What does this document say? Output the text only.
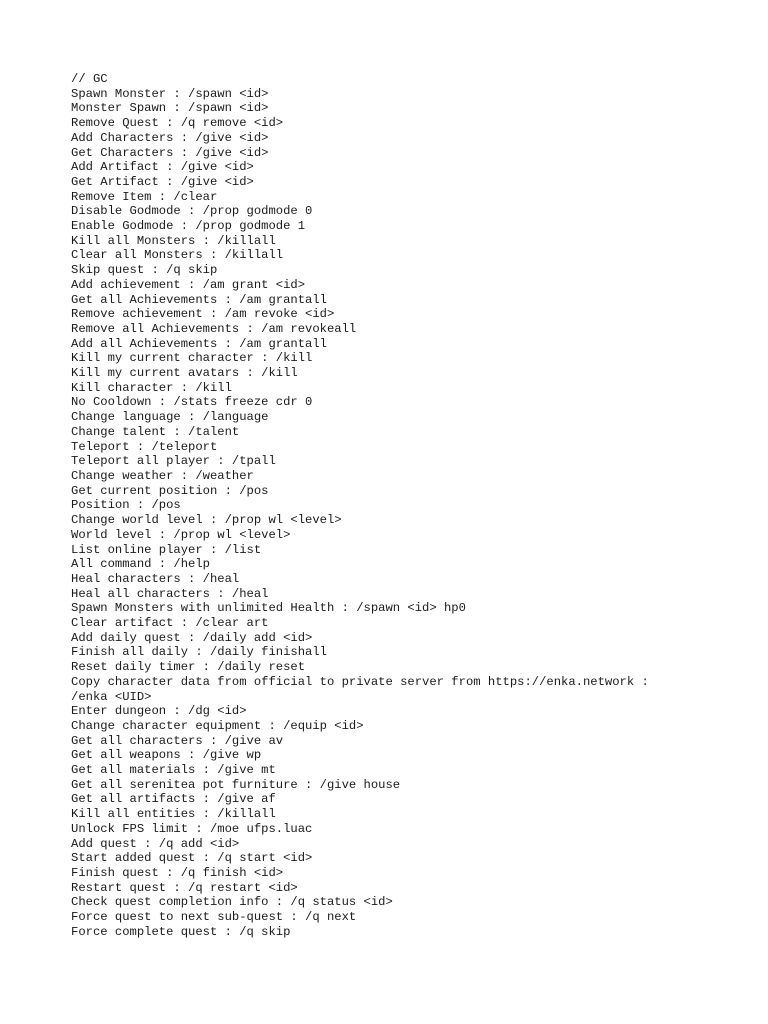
// GC
Spawn Monster : /spawn <id>
Monster Spawn : /spawn <id>
Remove Quest : /q remove <id>
Add Characters : /give <id>
Get Characters : /give <id>
Add Artifact : /give <id>
Get Artifact : /give <id>
Remove Item : /clear
Disable Godmode : /prop godmode 0
Enable Godmode : /prop godmode 1
Kill all Monsters : /killall
Clear all Monsters : /killall
Skip quest : /q skip
Add achievement : /am grant <id>
Get all Achievements : /am grantall
Remove achievement : /am revoke <id>
Remove all Achievements : /am revokeall
Add all Achievements : /am grantall
Kill my current character : /kill
Kill my current avatars : /kill
Kill character : /kill
No Cooldown : /stats freeze cdr 0
Change language : /language
Change talent : /talent
Teleport : /teleport
Teleport all player : /tpall
Change weather : /weather
Get current position : /pos
Position : /pos
Change world level : /prop wl <level>
World level : /prop wl <level>
List online player : /list
All command : /help
Heal characters : /heal
Heal all characters : /heal
Spawn Monsters with unlimited Health : /spawn <id> hp0
Clear artifact : /clear art
Add daily quest : /daily add <id>
Finish all daily : /daily finishall
Reset daily timer : /daily reset
Copy character data from official to private server from https://enka.network :
/enka <UID>
Enter dungeon : /dg <id>
Change character equipment : /equip <id>
Get all characters : /give av
Get all weapons : /give wp
Get all materials : /give mt
Get all serenitea pot furniture : /give house
Get all artifacts : /give af
Kill all entities : /killall
Unlock FPS limit : /moe ufps.luac
Add quest : /q add <id>
Start added quest : /q start <id>
Finish quest : /q finish <id>
Restart quest : /q restart <id>
Check quest completion info : /q status <id>
Force quest to next sub-quest : /q next
Force complete quest : /q skip
